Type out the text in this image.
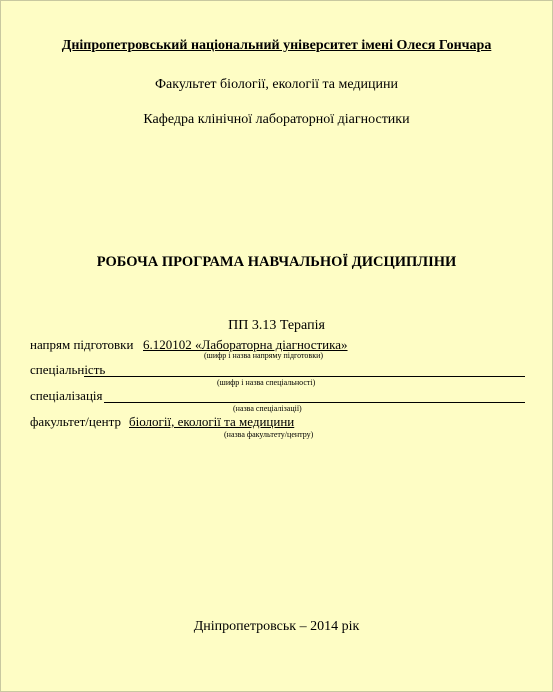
Дніпропетровський національний університет імені Олеся Гончара
Факультет біології, екології та медицини
Кафедра клінічної лабораторної діагностики
РОБОЧА ПРОГРАМА НАВЧАЛЬНОЇ ДИСЦИПЛІНИ
ПП 3.13 Терапія
напрям підготовки 6.120102 «Лабораторна діагностика»
(шифр і назва напряму підготовки)
спеціальність
(шифр і назва спеціальності)
спеціалізація
(назва спеціалізації)
факультет/центр біології, екології та медицини
(назва факультету/центру)
Дніпропетровськ – 2014 рік
